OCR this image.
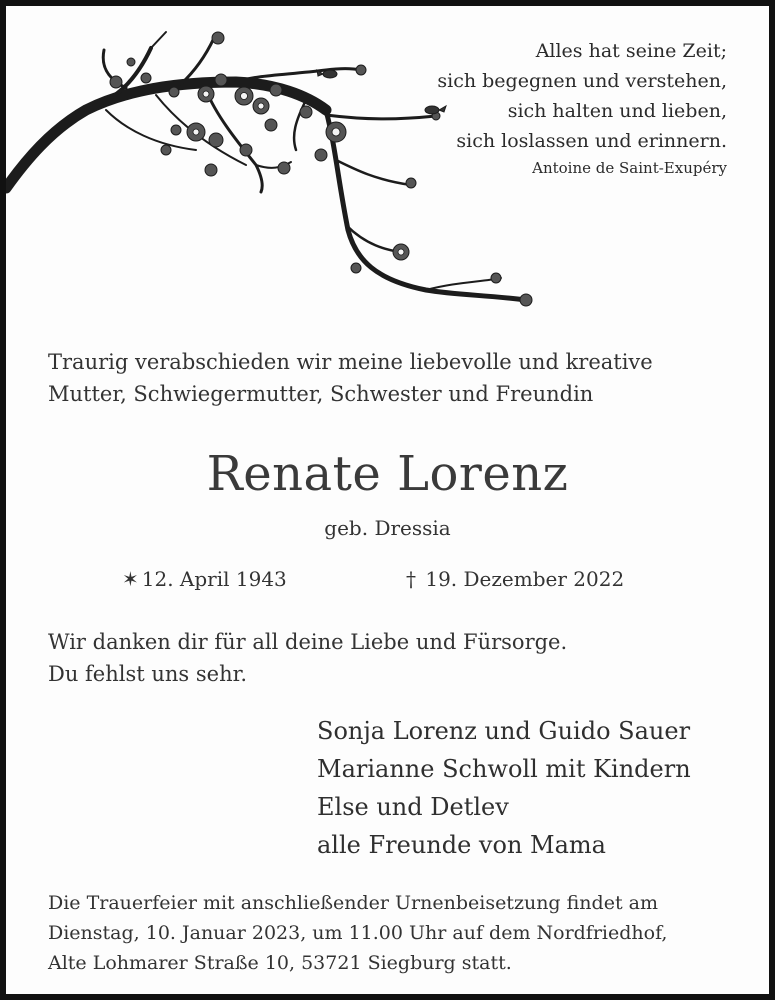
Alles hat seine Zeit;
sich begegnen und verstehen,
sich halten und lieben,
sich loslassen und erinnern.
Antoine de Saint-Exupéry
Traurig verabschieden wir meine liebevolle und kreative
Mutter, Schwiegermutter, Schwester und Freundin
Renate Lorenz
geb. Dressia
✶ 12. April 1943	† 19. Dezember 2022
Wir danken dir für all deine Liebe und Fürsorge.
Du fehlst uns sehr.
Sonja Lorenz und Guido Sauer
Marianne Schwoll mit Kindern
Else und Detlev
alle Freunde von Mama
Die Trauerfeier mit anschließender Urnenbeisetzung findet am
Dienstag, 10. Januar 2023, um 11.00 Uhr auf dem Nordfriedhof,
Alte Lohmarer Straße 10, 53721 Siegburg statt.
